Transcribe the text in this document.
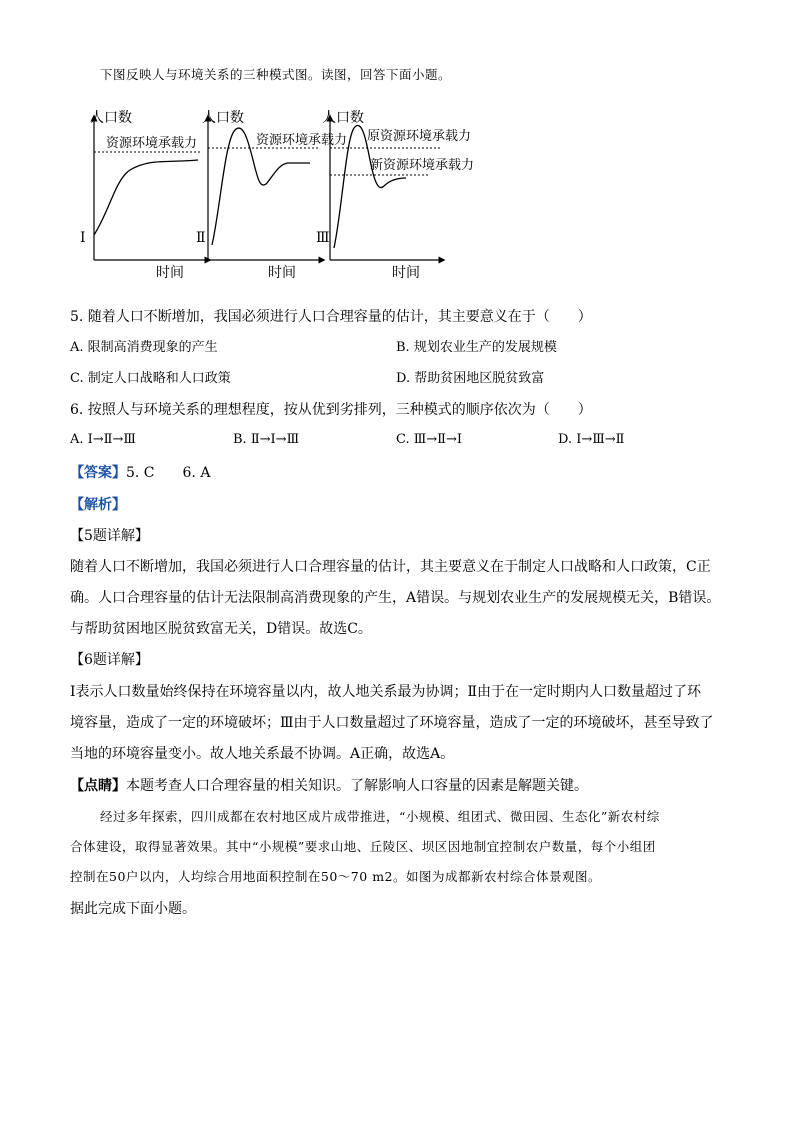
下图反映人与环境关系的三种模式图。读图，回答下面小题。
人口数
资源环境承载力
Ⅰ
时间
人口数
资源环境承载力
Ⅱ
时间
人口数
原资源环境承载力
新资源环境承载力
Ⅲ
时间
5. 随着人口不断增加，我国必须进行人口合理容量的估计，其主要意义在于（　　）
A. 限制高消费现象的产生	B. 规划农业生产的发展规模
C. 制定人口战略和人口政策	D. 帮助贫困地区脱贫致富
6. 按照人与环境关系的理想程度，按从优到劣排列，三种模式的顺序依次为（　　）
A. Ⅰ→Ⅱ→Ⅲ	B. Ⅱ→Ⅰ→Ⅲ	C. Ⅲ→Ⅱ→Ⅰ	D. Ⅰ→Ⅲ→Ⅱ
【答案】5. C　　6. A
【解析】
【5题详解】
随着人口不断增加，我国必须进行人口合理容量的估计，其主要意义在于制定人口战略和人口政策，C正
确。人口合理容量的估计无法限制高消费现象的产生，A错误。与规划农业生产的发展规模无关，B错误。
与帮助贫困地区脱贫致富无关，D错误。故选C。
【6题详解】
Ⅰ表示人口数量始终保持在环境容量以内，故人地关系最为协调；Ⅱ由于在一定时期内人口数量超过了环
境容量，造成了一定的环境破坏；Ⅲ由于人口数量超过了环境容量，造成了一定的环境破坏，甚至导致了
当地的环境容量变小。故人地关系最不协调。A正确，故选A。
【点睛】本题考查人口合理容量的相关知识。了解影响人口容量的因素是解题关键。
经过多年探索，四川成都在农村地区成片成带推进，“小规模、组团式、微田园、生态化”新农村综
合体建设，取得显著效果。其中“小规模”要求山地、丘陵区、坝区因地制宜控制农户数量，每个小组团
控制在50户以内，人均综合用地面积控制在50～70 m2。如图为成都新农村综合体景观图。
据此完成下面小题。
